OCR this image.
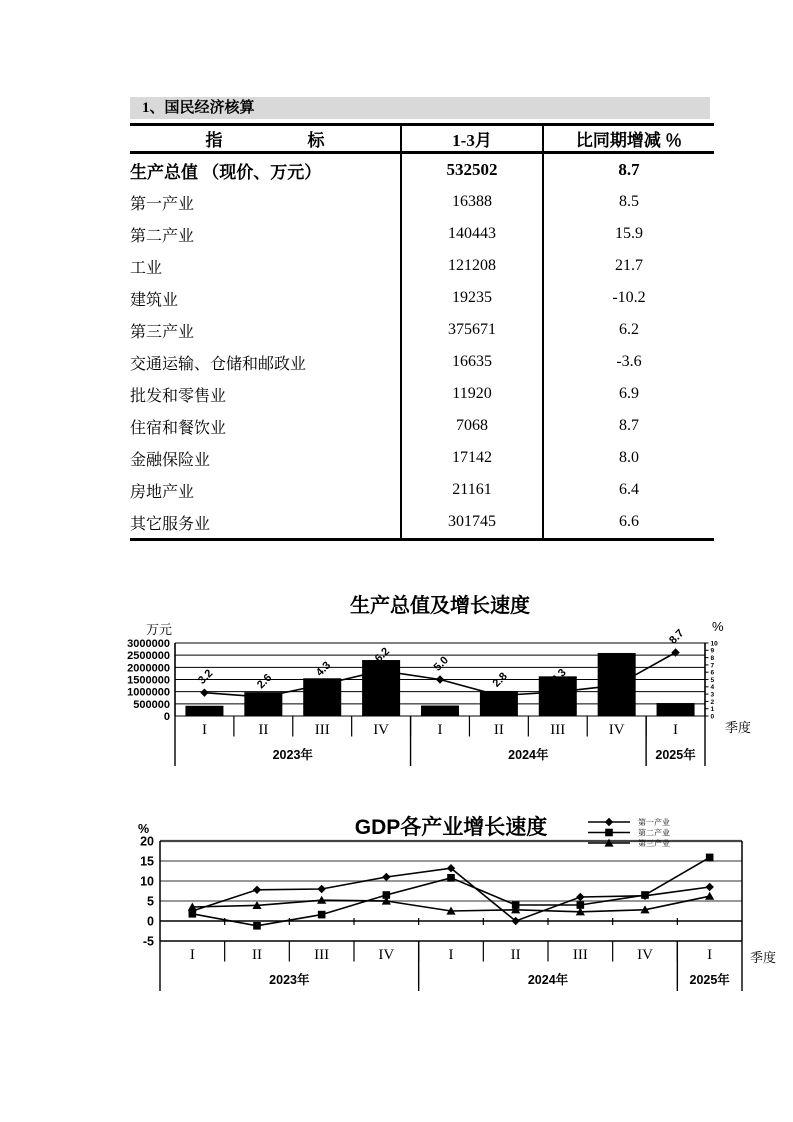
1、国民经济核算
指　　　　　标	1-3月	比同期增减 ％
生产总值 （现价、万元）	532502	8.7
第一产业	16388	8.5
第二产业	140443	15.9
工业	121208	21.7
建筑业	19235	-10.2
第三产业	375671	6.2
交通运输、仓储和邮政业	16635	-3.6
批发和零售业	11920	6.9
住宿和餐饮业	7068	8.7
金融保险业	17142	8.0
房地产业	21161	6.4
其它服务业	301745	6.6
生产总值及增长速度
3000000
2500000
2000000
1500000
1000000
500000
0
10
9
8
7
6
5
4
3
2
1
0
3.2	2.6
4.3
6.2	5.0
2.8	3.3	4.2
8.7
万元	%
季度
I	II	III	IV	I	II	III	IV	I
2023年	2024年	2025年
GDP各产业增长速度
20
15
10
5
0
-5
第一产业
第二产业
第三产业
%
季度
I	II	III	IV	I	II	III	IV	I
2023年	2024年	2025年
